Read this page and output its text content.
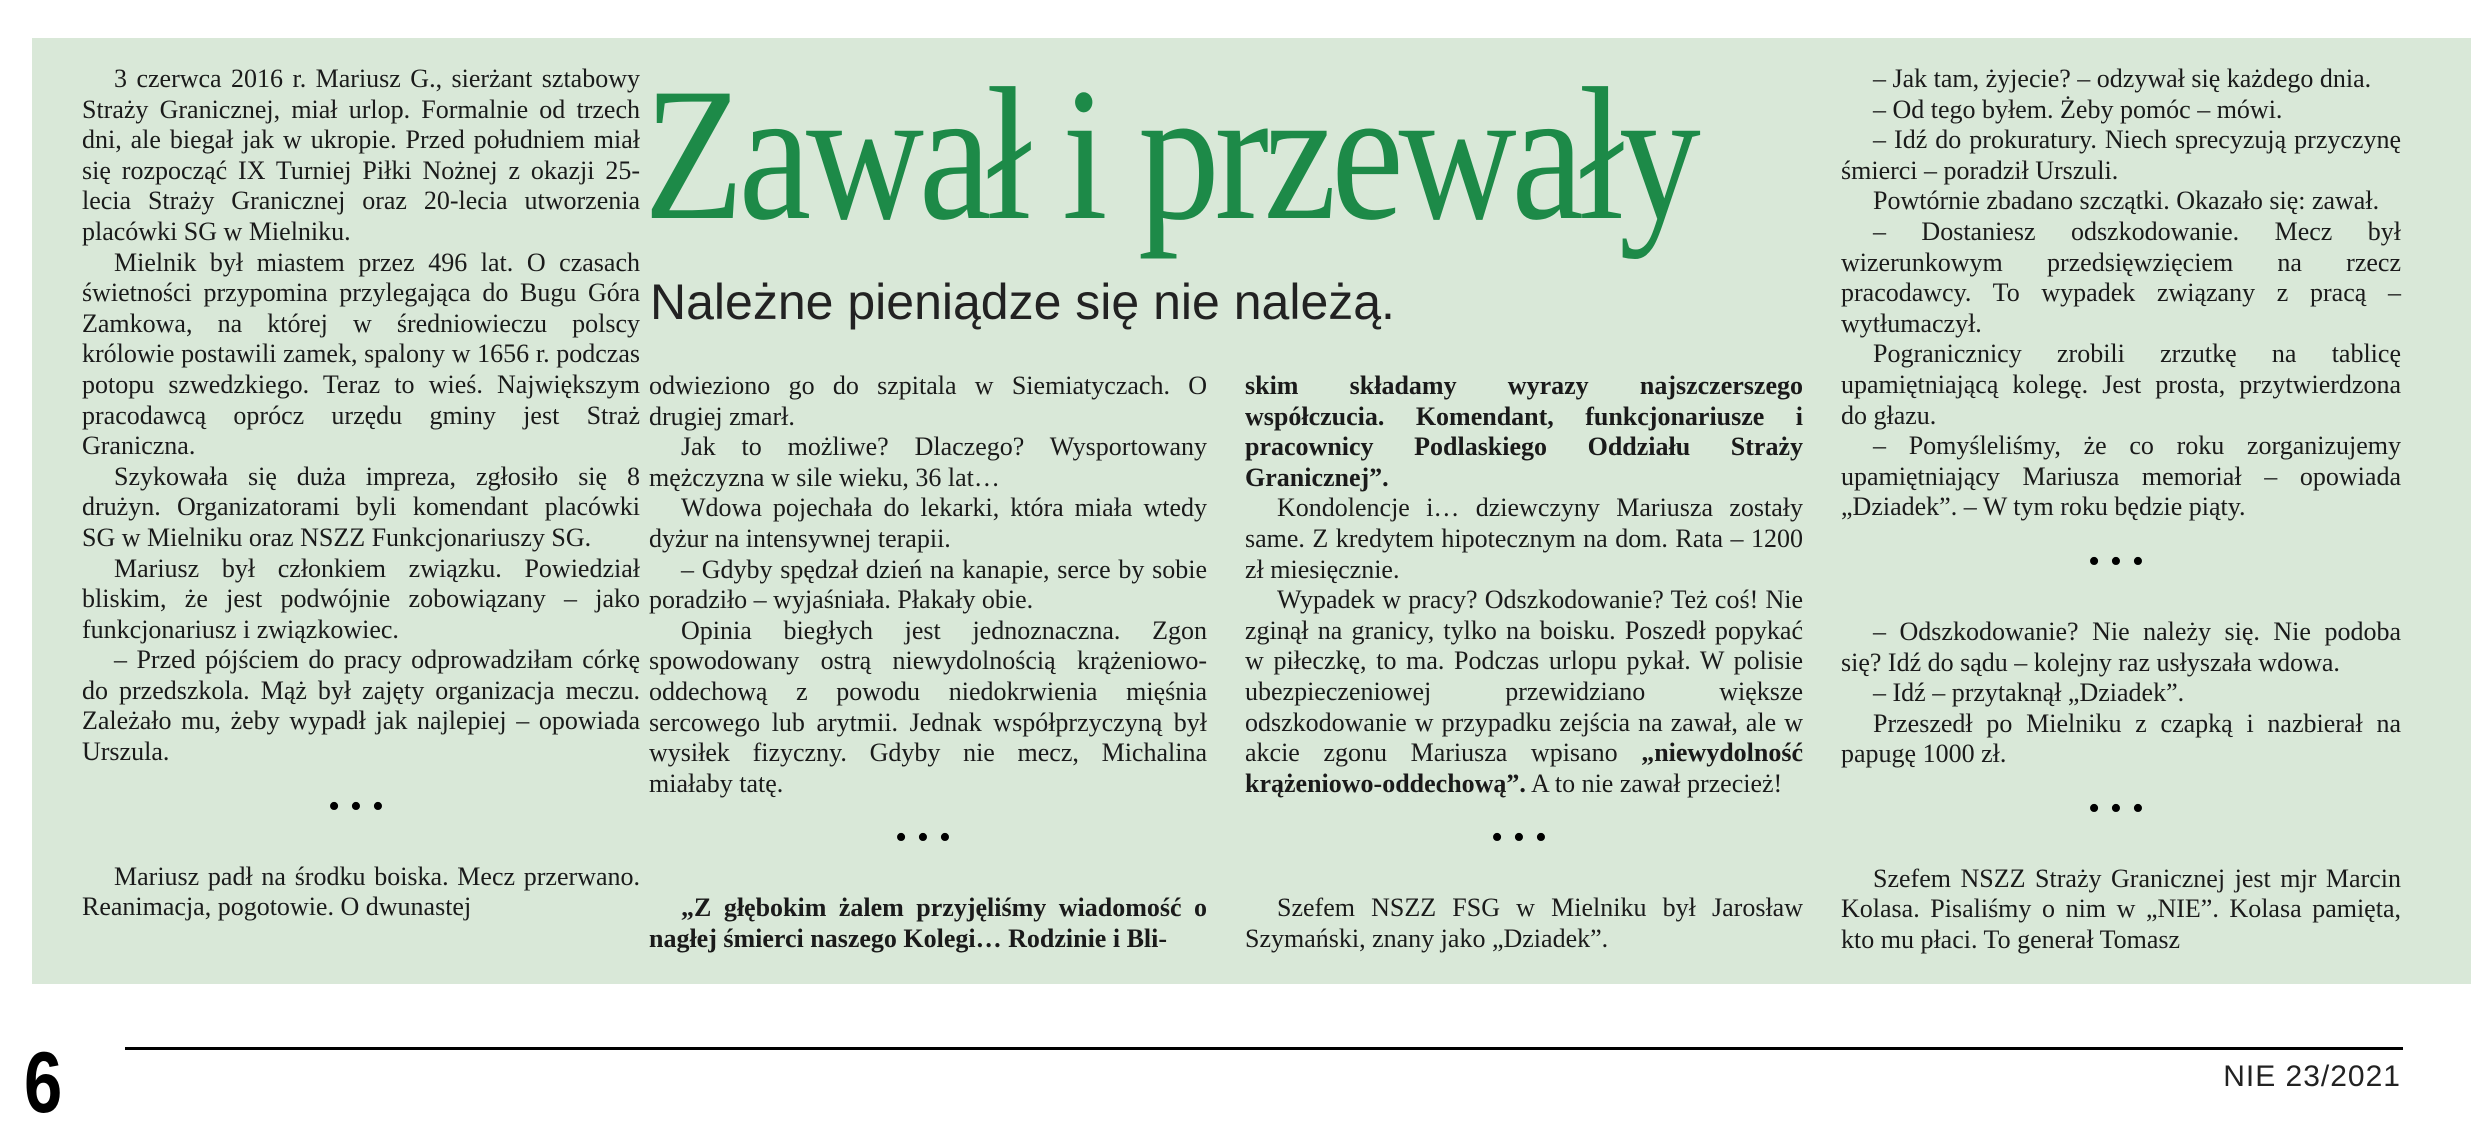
Zawał i przewały
Należne pieniądze się nie należą.

3 czerwca 2016 r. Mariusz G., sierżant sztabowy Straży Granicznej, miał urlop. Formalnie od trzech dni, ale biegał jak w ukropie. Przed południem miał się rozpocząć IX Turniej Piłki Nożnej z okazji 25-lecia Straży Granicznej oraz 20-lecia utworzenia placówki SG w Mielniku.

Mielnik był miastem przez 496 lat. O czasach świetności przypomina przylegająca do Bugu Góra Zamkowa, na której w średniowieczu polscy królowie postawili zamek, spalony w 1656 r. podczas potopu szwedzkiego. Teraz to wieś. Największym pracodawcą oprócz urzędu gminy jest Straż Graniczna.

Szykowała się duża impreza, zgłosiło się 8 drużyn. Organizatorami byli komendant placówki SG w Mielniku oraz NSZZ Funkcjonariuszy SG.

Mariusz był członkiem związku. Powiedział bliskim, że jest podwójnie zobowiązany – jako funkcjonariusz i związkowiec.

– Przed pójściem do pracy odprowadziłam córkę do przedszkola. Mąż był zajęty organizacja meczu. Zależało mu, żeby wypadł jak najlepiej – opowiada Urszula.

•••

Mariusz padł na środku boiska. Mecz przerwano. Reanimacja, pogotowie. O dwunastej

odwieziono go do szpitala w Siemiatyczach. O drugiej zmarł.

Jak to możliwe? Dlaczego? Wysportowany mężczyzna w sile wieku, 36 lat…

Wdowa pojechała do lekarki, która miała wtedy dyżur na intensywnej terapii.

– Gdyby spędzał dzień na kanapie, serce by sobie poradziło – wyjaśniała. Płakały obie.

Opinia biegłych jest jednoznaczna. Zgon spowodowany ostrą niewydolnością krążeniowo-oddechową z powodu niedokrwienia mięśnia sercowego lub arytmii. Jednak współprzyczyną był wysiłek fizyczny. Gdyby nie mecz, Michalina miałaby tatę.

•••

„Z głębokim żalem przyjęliśmy wiadomość o nagłej śmierci naszego Kolegi… Rodzinie i Bli-

skim składamy wyrazy najszczerszego współczucia. Komendant, funkcjonariusze i pracownicy Podlaskiego Oddziału Straży Granicznej”.

Kondolencje i… dziewczyny Mariusza zostały same. Z kredytem hipotecznym na dom. Rata – 1200 zł miesięcznie.

Wypadek w pracy? Odszkodowanie? Też coś! Nie zginął na granicy, tylko na boisku. Poszedł popykać w piłeczkę, to ma. Podczas urlopu pykał. W polisie ubezpieczeniowej przewidziano większe odszkodowanie w przypadku zejścia na zawał, ale w akcie zgonu Mariusza wpisano „niewydolność krążeniowo-oddechową”. A to nie zawał przecież!

•••

Szefem NSZZ FSG w Mielniku był Jarosław Szymański, znany jako „Dziadek”.

– Jak tam, żyjecie? – odzywał się każdego dnia.

– Od tego byłem. Żeby pomóc – mówi.

– Idź do prokuratury. Niech sprecyzują przyczynę śmierci – poradził Urszuli.

Powtórnie zbadano szczątki. Okazało się: zawał.

– Dostaniesz odszkodowanie. Mecz był wizerunkowym przedsięwzięciem na rzecz pracodawcy. To wypadek związany z pracą – wytłumaczył.

Pogranicznicy zrobili zrzutkę na tablicę upamiętniającą kolegę. Jest prosta, przytwierdzona do głazu.

– Pomyśleliśmy, że co roku zorganizujemy upamiętniający Mariusza memoriał – opowiada „Dziadek”. – W tym roku będzie piąty.

•••

– Odszkodowanie? Nie należy się. Nie podoba się? Idź do sądu – kolejny raz usłyszała wdowa.

– Idź – przytaknął „Dziadek”.

Przeszedł po Mielniku z czapką i nazbierał na papugę 1000 zł.

•••

Szefem NSZZ Straży Granicznej jest mjr Marcin Kolasa. Pisaliśmy o nim w „NIE”. Kolasa pamięta, kto mu płaci. To generał Tomasz

6	NIE 23/2021
